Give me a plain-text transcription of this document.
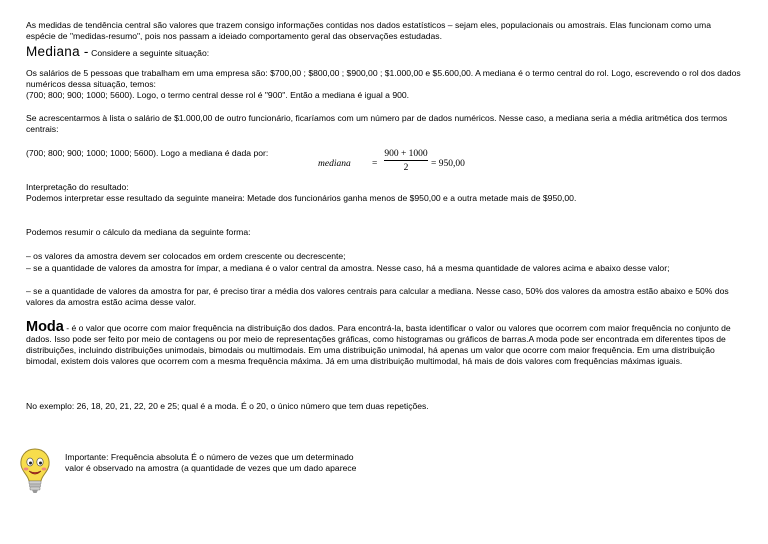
As medidas de tendência central são valores que trazem consigo informações contidas nos dados estatísticos – sejam eles, populacionais ou amostrais. Elas funcionam como uma espécie de "medidas-resumo", pois nos passam a ideiado comportamento geral das observações estudadas.

Mediana - Considere a seguinte situação:

Os salários de 5 pessoas que trabalham em uma empresa são: $700,00 ; $800,00 ; $900,00 ; $1.000,00 e $5.600,00. A mediana é o termo central do rol. Logo, escrevendo o rol dos dados numéricos dessa situação, temos:

(700; 800; 900; 1000; 5600). Logo, o termo central desse rol é "900". Então a mediana é igual a 900.

Se acrescentarmos à lista o salário de $1.000,00 de outro funcionário, ficaríamos com um número par de dados numéricos. Nesse caso, a mediana seria a média aritmética dos termos centrais:

(700; 800; 900; 1000; 1000; 5600). Logo a mediana é dada por:

mediana = $\frac{900 + 1000}{2} = 950,00$

Interpretação do resultado:

Podemos interpretar esse resultado da seguinte maneira: Metade dos funcionários ganha menos de $950,00 e a outra metade mais de $950,00.

Podemos resumir o cálculo da mediana da seguinte forma:

– os valores da amostra devem ser colocados em ordem crescente ou decrescente;

– se a quantidade de valores da amostra for ímpar, a mediana é o valor central da amostra. Nesse caso, há a mesma quantidade de valores acima e abaixo desse valor;

– se a quantidade de valores da amostra for par, é preciso tirar a média dos valores centrais para calcular a mediana. Nesse caso, 50% dos valores da amostra estão abaixo e 50% dos valores da amostra estão acima desse valor.

Moda - é o valor que ocorre com maior frequência na distribuição dos dados. Para encontrá-la, basta identificar o valor ou valores que ocorrem com maior frequência no conjunto de dados. Isso pode ser feito por meio de contagens ou por meio de representações gráficas, como histogramas ou gráficos de barras.A moda pode ser encontrada em diferentes tipos de distribuições, incluindo distribuições unimodais, bimodais ou multimodais. Em uma distribuição unimodal, há apenas um valor que ocorre com maior frequência. Em uma distribuição bimodal, existem dois valores que ocorrem com a mesma frequência máxima. Já em uma distribuição multimodal, há mais de dois valores com frequências máximas iguais.

No exemplo: 26, 18, 20, 21, 22, 20 e 25; qual é a moda. É o 20, o único número que tem duas repetições.

Importante: Frequência absoluta É o número de vezes que um determinado

valor é observado na amostra (a quantidade de vezes que um dado aparece
